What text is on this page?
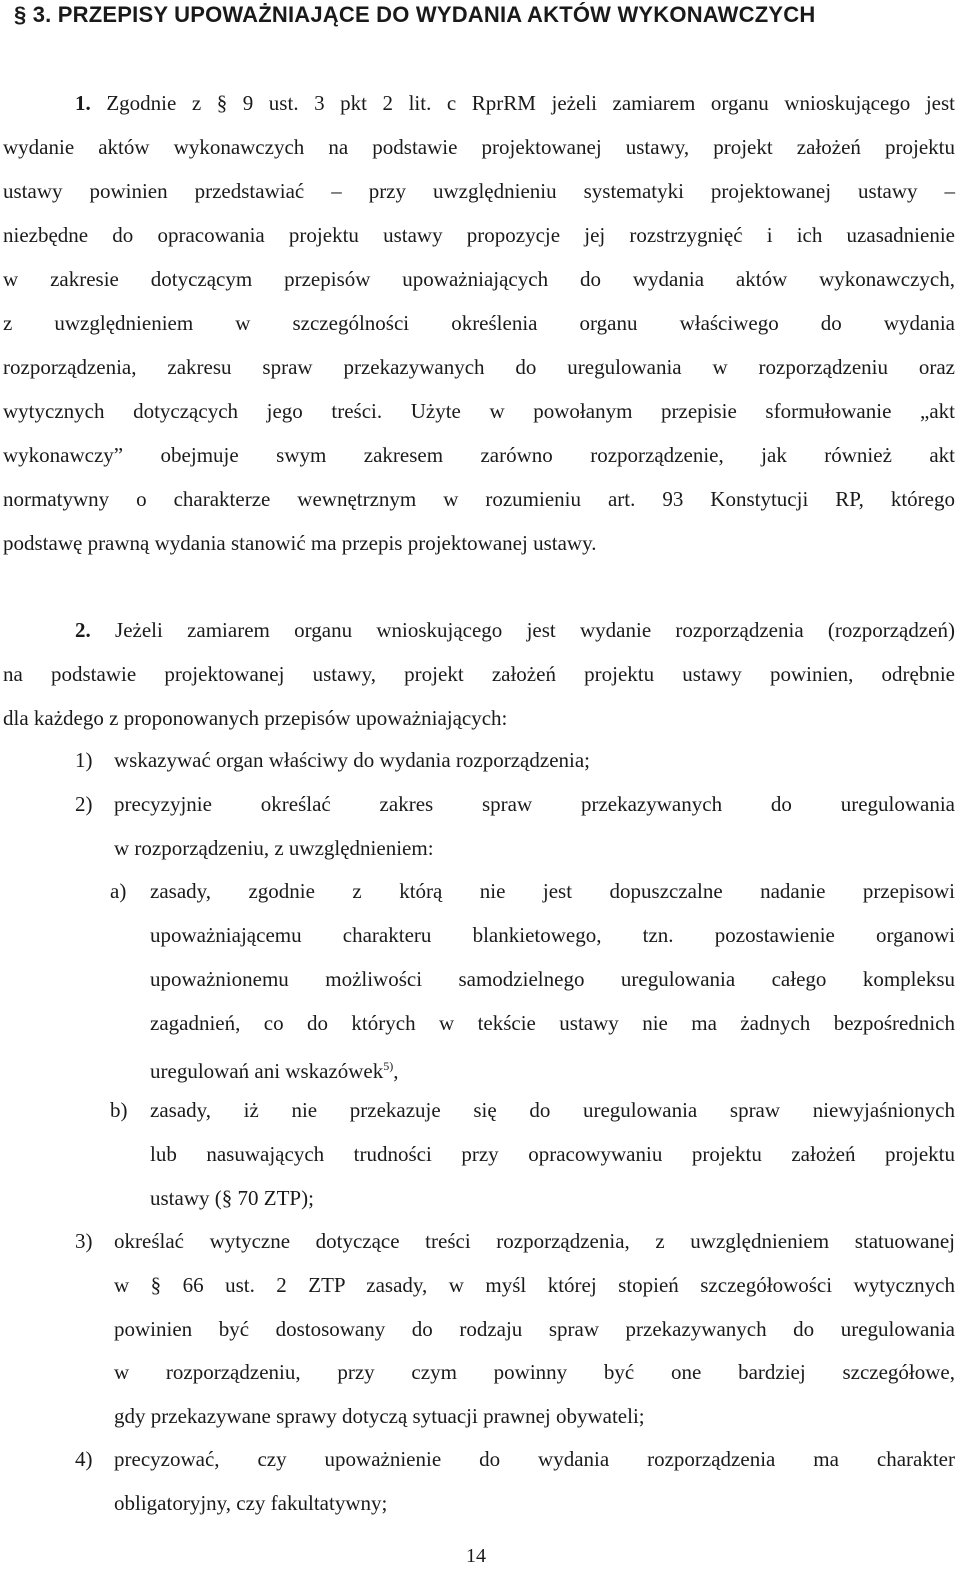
§ 3. PRZEPISY UPOWAŻNIAJĄCE DO WYDANIA AKTÓW WYKONAWCZYCH
1. Zgodnie z § 9 ust. 3 pkt 2 lit. c RprRM jeżeli zamiarem organu wnioskującego jest
wydanie aktów wykonawczych na podstawie projektowanej ustawy, projekt założeń projektu
ustawy powinien przedstawiać – przy uwzględnieniu systematyki projektowanej ustawy –
niezbędne do opracowania projektu ustawy propozycje jej rozstrzygnięć i ich uzasadnienie
w zakresie dotyczącym przepisów upoważniających do wydania aktów wykonawczych,
z uwzględnieniem w szczególności określenia organu właściwego do wydania
rozporządzenia, zakresu spraw przekazywanych do uregulowania w rozporządzeniu oraz
wytycznych dotyczących jego treści. Użyte w powołanym przepisie sformułowanie „akt
wykonawczy” obejmuje swym zakresem zarówno rozporządzenie, jak również akt
normatywny o charakterze wewnętrznym w rozumieniu art. 93 Konstytucji RP, którego
podstawę prawną wydania stanowić ma przepis projektowanej ustawy.
2. Jeżeli zamiarem organu wnioskującego jest wydanie rozporządzenia (rozporządzeń)
na podstawie projektowanej ustawy, projekt założeń projektu ustawy powinien, odrębnie
dla każdego z proponowanych przepisów upoważniających:
1) wskazywać organ właściwy do wydania rozporządzenia;
2) precyzyjnie określać zakres spraw przekazywanych do uregulowania
w rozporządzeniu, z uwzględnieniem:
a) zasady, zgodnie z którą nie jest dopuszczalne nadanie przepisowi
upoważniającemu charakteru blankietowego, tzn. pozostawienie organowi
upoważnionemu możliwości samodzielnego uregulowania całego kompleksu
zagadnień, co do których w tekście ustawy nie ma żadnych bezpośrednich
uregulowań ani wskazówek$^{5)}$,
b) zasady, iż nie przekazuje się do uregulowania spraw niewyjaśnionych
lub nasuwających trudności przy opracowywaniu projektu założeń projektu
ustawy (§ 70 ZTP);
3) określać wytyczne dotyczące treści rozporządzenia, z uwzględnieniem statuowanej
w § 66 ust. 2 ZTP zasady, w myśl której stopień szczegółowości wytycznych
powinien być dostosowany do rodzaju spraw przekazywanych do uregulowania
w rozporządzeniu, przy czym powinny być one bardziej szczegółowe,
gdy przekazywane sprawy dotyczą sytuacji prawnej obywateli;
4) precyzować, czy upoważnienie do wydania rozporządzenia ma charakter
obligatoryjny, czy fakultatywny;
14
